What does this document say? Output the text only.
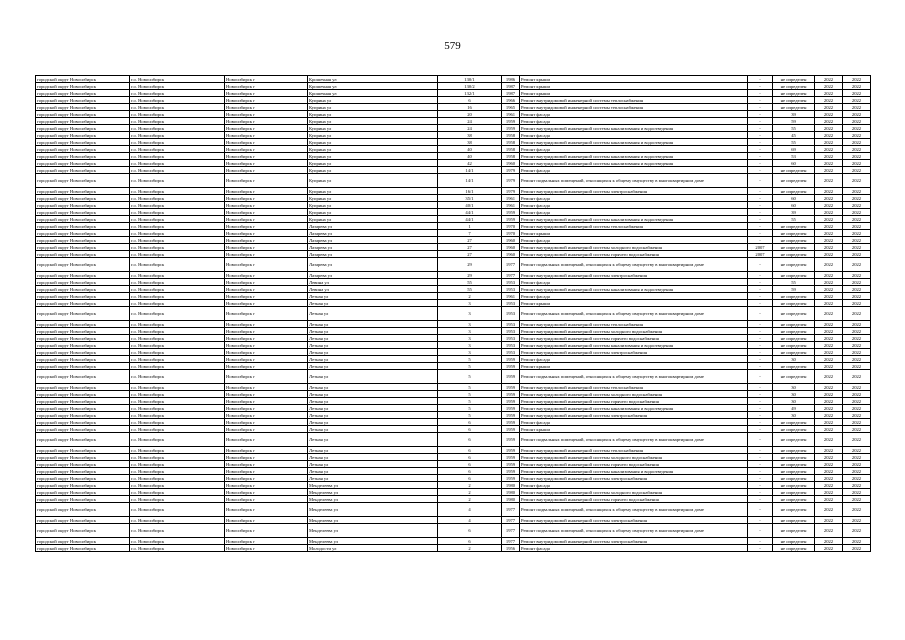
579
городской округ Новосибирск	г.о. Новосибирск	Новосибирск г	Крошечная ул	130/1	1986	Ремонт крыши	-	не определен	2022	2022
городской округ Новосибирск	г.о. Новосибирск	Новосибирск г	Крошечная ул	130/2	1987	Ремонт крыши	-	не определен	2022	2022
городской округ Новосибирск	г.о. Новосибирск	Новосибирск г	Крошечная ул	132/1	1987	Ремонт крыши	-	не определен	2022	2022
городской округ Новосибирск	г.о. Новосибирск	Новосибирск г	Куприна ул	6	1966	Ремонт внутридомовой инженерной системы теплоснабжения	-	не определен	2022	2022
городской округ Новосибирск	г.о. Новосибирск	Новосибирск г	Куприна ул	16	1965	Ремонт внутридомовой инженерной системы теплоснабжения	-	не определен	2022	2022
городской округ Новосибирск	г.о. Новосибирск	Новосибирск г	Куприна ул	20	1961	Ремонт фасада	-	39	2022	2022
городской округ Новосибирск	г.о. Новосибирск	Новосибирск г	Куприна ул	24	1959	Ремонт фасада	-	59	2022	2022
городской округ Новосибирск	г.о. Новосибирск	Новосибирск г	Куприна ул	24	1959	Ремонт внутридомовой инженерной системы канализования и водоотведения	-	55	2022	2022
городской округ Новосибирск	г.о. Новосибирск	Новосибирск г	Куприна ул	38	1958	Ремонт фасада	-	45	2022	2022
городской округ Новосибирск	г.о. Новосибирск	Новосибирск г	Куприна ул	38	1958	Ремонт внутридомовой инженерной системы канализования и водоотведения	-	55	2022	2022
городской округ Новосибирск	г.о. Новосибирск	Новосибирск г	Куприна ул	40	1958	Ремонт фасада	-	69	2022	2022
городской округ Новосибирск	г.о. Новосибирск	Новосибирск г	Куприна ул	40	1958	Ремонт внутридомовой инженерной системы канализования и водоотведения	-	53	2022	2022
городской округ Новосибирск	г.о. Новосибирск	Новосибирск г	Куприна ул	42	1960	Ремонт внутридомовой инженерной системы канализования и водоотведения	-	60	2022	2022
городской округ Новосибирск	г.о. Новосибирск	Новосибирск г	Куприна ул	14/1	1979	Ремонт фасада	-	не определен	2022	2022
городской округ Новосибирск	г.о. Новосибирск	Новосибирск г	Куприна ул	14/1	1979	Ремонт подвальных помещений, относящихся к общему имуществу в многоквартирном доме	-	не определен	2022	2022
городской округ Новосибирск	г.о. Новосибирск	Новосибирск г	Куприна ул	16/1	1979	Ремонт внутридомовой инженерной системы электроснабжения	-	не определен	2022	2022
городской округ Новосибирск	г.о. Новосибирск	Новосибирск г	Куприна ул	35/1	1961	Ремонт фасада	-	60	2022	2022
городской округ Новосибирск	г.о. Новосибирск	Новосибирск г	Куприна ул	40/1	1961	Ремонт фасада	-	60	2022	2022
городской округ Новосибирск	г.о. Новосибирск	Новосибирск г	Куприна ул	44/1	1959	Ремонт фасада	-	39	2022	2022
городской округ Новосибирск	г.о. Новосибирск	Новосибирск г	Куприна ул	44/1	1959	Ремонт внутридомовой инженерной системы канализования и водоотведения	-	55	2022	2022
городской округ Новосибирск	г.о. Новосибирск	Новосибирск г	Лазарева ул	1	1970	Ремонт внутридомовой инженерной системы теплоснабжения	-	не определен	2022	2022
городской округ Новосибирск	г.о. Новосибирск	Новосибирск г	Лазарева ул	7	1970	Ремонт крыши	-	не определен	2022	2022
городской округ Новосибирск	г.о. Новосибирск	Новосибирск г	Лазарева ул	27	1960	Ремонт фасада	-	не определен	2022	2022
городской округ Новосибирск	г.о. Новосибирск	Новосибирск г	Лазарева ул	27	1960	Ремонт внутридомовой инженерной системы холодного водоснабжения	2007	не определен	2022	2022
городской округ Новосибирск	г.о. Новосибирск	Новосибирск г	Лазарева ул	27	1960	Ремонт внутридомовой инженерной системы горячего водоснабжения	2007	не определен	2022	2022
городской округ Новосибирск	г.о. Новосибирск	Новосибирск г	Лазарева ул	29	1977	Ремонт подвальных помещений, относящихся к общему имуществу в многоквартирном доме	-	не определен	2022	2022
городской округ Новосибирск	г.о. Новосибирск	Новосибирск г	Лазарева ул	29	1977	Ремонт внутридомовой инженерной системы электроснабжения	-	не определен	2022	2022
городской округ Новосибирск	г.о. Новосибирск	Новосибирск г	Левина ул	55	1953	Ремонт фасада	-	55	2022	2022
городской округ Новосибирск	г.о. Новосибирск	Новосибирск г	Левина ул	55	1953	Ремонт внутридомовой инженерной системы канализования и водоотведения	-	59	2022	2022
городской округ Новосибирск	г.о. Новосибирск	Новосибирск г	Летная ул	2	1961	Ремонт фасада	-	не определен	2022	2022
городской округ Новосибирск	г.о. Новосибирск	Новосибирск г	Летная ул	3	1953	Ремонт крыши	-	не определен	2022	2022
городской округ Новосибирск	г.о. Новосибирск	Новосибирск г	Летная ул	3	1953	Ремонт подвальных помещений, относящихся к общему имуществу в многоквартирном доме	-	не определен	2022	2022
городской округ Новосибирск	г.о. Новосибирск	Новосибирск г	Летная ул	3	1953	Ремонт внутридомовой инженерной системы теплоснабжения	-	не определен	2022	2022
городской округ Новосибирск	г.о. Новосибирск	Новосибирск г	Летная ул	3	1953	Ремонт внутридомовой инженерной системы холодного водоснабжения	-	не определен	2022	2022
городской округ Новосибирск	г.о. Новосибирск	Новосибирск г	Летная ул	3	1953	Ремонт внутридомовой инженерной системы горячего водоснабжения	-	не определен	2022	2022
городской округ Новосибирск	г.о. Новосибирск	Новосибирск г	Летная ул	3	1953	Ремонт внутридомовой инженерной системы канализования и водоотведения	-	не определен	2022	2022
городской округ Новосибирск	г.о. Новосибирск	Новосибирск г	Летная ул	3	1953	Ремонт внутридомовой инженерной системы электроснабжения	-	не определен	2022	2022
городской округ Новосибирск	г.о. Новосибирск	Новосибирск г	Летная ул	5	1959	Ремонт фасада	-	30	2022	2022
городской округ Новосибирск	г.о. Новосибирск	Новосибирск г	Летная ул	5	1959	Ремонт крыши	-	не определен	2022	2022
городской округ Новосибирск	г.о. Новосибирск	Новосибирск г	Летная ул	5	1959	Ремонт подвальных помещений, относящихся к общему имуществу в многоквартирном доме	-	не определен	2022	2022
городской округ Новосибирск	г.о. Новосибирск	Новосибирск г	Летная ул	5	1959	Ремонт внутридомовой инженерной системы теплоснабжения	-	30	2022	2022
городской округ Новосибирск	г.о. Новосибирск	Новосибирск г	Летная ул	5	1959	Ремонт внутридомовой инженерной системы холодного водоснабжения	-	30	2022	2022
городской округ Новосибирск	г.о. Новосибирск	Новосибирск г	Летная ул	5	1959	Ремонт внутридомовой инженерной системы горячего водоснабжения	-	30	2022	2022
городской округ Новосибирск	г.о. Новосибирск	Новосибирск г	Летная ул	5	1959	Ремонт внутридомовой инженерной системы канализования и водоотведения	-	49	2022	2022
городской округ Новосибирск	г.о. Новосибирск	Новосибирск г	Летная ул	5	1959	Ремонт внутридомовой инженерной системы электроснабжения	-	30	2022	2022
городской округ Новосибирск	г.о. Новосибирск	Новосибирск г	Летная ул	6	1959	Ремонт фасада	-	не определен	2022	2022
городской округ Новосибирск	г.о. Новосибирск	Новосибирск г	Летная ул	6	1959	Ремонт крыши	-	не определен	2022	2022
городской округ Новосибирск	г.о. Новосибирск	Новосибирск г	Летная ул	6	1959	Ремонт подвальных помещений, относящихся к общему имуществу в многоквартирном доме	-	не определен	2022	2022
городской округ Новосибирск	г.о. Новосибирск	Новосибирск г	Летная ул	6	1959	Ремонт внутридомовой инженерной системы теплоснабжения	-	не определен	2022	2022
городской округ Новосибирск	г.о. Новосибирск	Новосибирск г	Летная ул	6	1959	Ремонт внутридомовой инженерной системы холодного водоснабжения	-	не определен	2022	2022
городской округ Новосибирск	г.о. Новосибирск	Новосибирск г	Летная ул	6	1959	Ремонт внутридомовой инженерной системы горячего водоснабжения	-	не определен	2022	2022
городской округ Новосибирск	г.о. Новосибирск	Новосибирск г	Летная ул	6	1959	Ремонт внутридомовой инженерной системы канализования и водоотведения	-	не определен	2022	2022
городской округ Новосибирск	г.о. Новосибирск	Новосибирск г	Летная ул	6	1959	Ремонт внутридомовой инженерной системы электроснабжения	-	не определен	2022	2022
городской округ Новосибирск	г.о. Новосибирск	Новосибирск г	Менделеева ул	2	1980	Ремонт фасада	-	не определен	2022	2022
городской округ Новосибирск	г.о. Новосибирск	Новосибирск г	Менделеева ул	2	1980	Ремонт внутридомовой инженерной системы холодного водоснабжения	-	не определен	2022	2022
городской округ Новосибирск	г.о. Новосибирск	Новосибирск г	Менделеева ул	2	1980	Ремонт внутридомовой инженерной системы горячего водоснабжения	-	не определен	2022	2022
городской округ Новосибирск	г.о. Новосибирск	Новосибирск г	Менделеева ул	4	1977	Ремонт подвальных помещений, относящихся к общему имуществу в многоквартирном доме	-	не определен	2022	2022
городской округ Новосибирск	г.о. Новосибирск	Новосибирск г	Менделеева ул	4	1977	Ремонт внутридомовой инженерной системы электроснабжения	-	не определен	2022	2022
городской округ Новосибирск	г.о. Новосибирск	Новосибирск г	Менделеева ул	6	1977	Ремонт подвальных помещений, относящихся к общему имуществу в многоквартирном доме	-	не определен	2022	2022
городской округ Новосибирск	г.о. Новосибирск	Новосибирск г	Менделеева ул	6	1977	Ремонт внутридомовой инженерной системы электроснабжения	-	не определен	2022	2022
городской округ Новосибирск	г.о. Новосибирск	Новосибирск г	Молодости ул	2	1956	Ремонт фасада	-	не определен	2022	2022
